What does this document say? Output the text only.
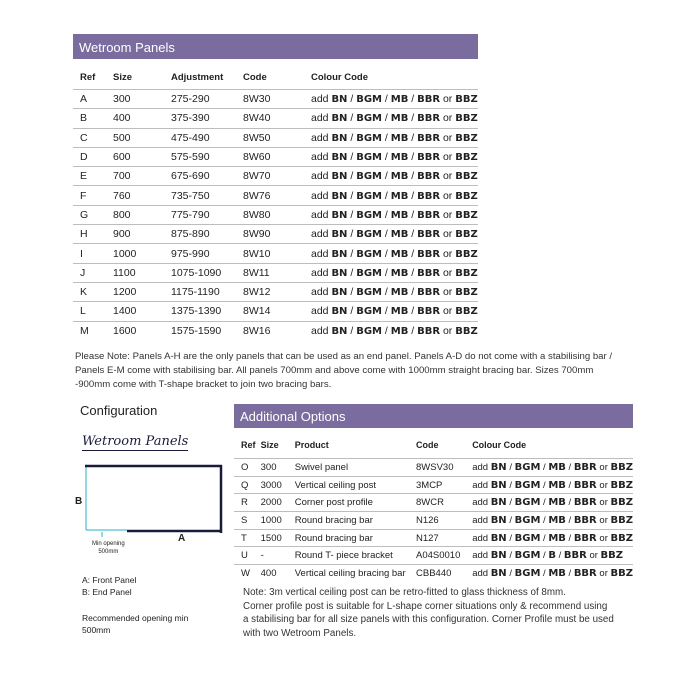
Wetroom Panels
Ref	Size	Adjustment	Code	Colour Code
A	300	275-290	8W30	add BN / BGM / MB / BBR or BBZ
B	400	375-390	8W40	add BN / BGM / MB / BBR or BBZ
C	500	475-490	8W50	add BN / BGM / MB / BBR or BBZ
D	600	575-590	8W60	add BN / BGM / MB / BBR or BBZ
E	700	675-690	8W70	add BN / BGM / MB / BBR or BBZ
F	760	735-750	8W76	add BN / BGM / MB / BBR or BBZ
G	800	775-790	8W80	add BN / BGM / MB / BBR or BBZ
H	900	875-890	8W90	add BN / BGM / MB / BBR or BBZ
I	1000	975-990	8W10	add BN / BGM / MB / BBR or BBZ
J	1100	1075-1090	8W11	add BN / BGM / MB / BBR or BBZ
K	1200	1175-1190	8W12	add BN / BGM / MB / BBR or BBZ
L	1400	1375-1390	8W14	add BN / BGM / MB / BBR or BBZ
M	1600	1575-1590	8W16	add BN / BGM / MB / BBR or BBZ
Please Note: Panels A-H are the only panels that can be used as an end panel. Panels A-D do not come with a stabilising bar / Panels E-M come with stabilising bar. All panels 700mm and above come with 1000mm straight bracing bar. Sizes 700mm -900mm come with T-shape bracket to join two bracing bars.
Configuration
Wetroom Panels
B
A
Min opening
500mm
A: Front Panel
B: End Panel
Recommended opening min
500mm
Additional Options
Ref	Size	Product	Code	Colour Code
O	300	Swivel panel	8WSV30	add BN / BGM / MB / BBR or BBZ
Q	3000	Vertical ceiling post	3MCP	add BN / BGM / MB / BBR or BBZ
R	2000	Corner post profile	8WCR	add BN / BGM / MB / BBR or BBZ
S	1000	Round bracing bar	N126	add BN / BGM / MB / BBR or BBZ
T	1500	Round bracing bar	N127	add BN / BGM / MB / BBR or BBZ
U	-	Round T- piece bracket	A04S0010	add BN / BGM / B / BBR or BBZ
W	400	Vertical ceiling bracing bar	CBB440	add BN / BGM / MB / BBR or BBZ
Note: 3m vertical ceiling post can be retro-fitted to glass thickness of 8mm.
Corner profile post is suitable for L-shape corner situations only & recommend using
a stabilising bar for all size panels with this configuration. Corner Profile must be used
with two Wetroom Panels.
